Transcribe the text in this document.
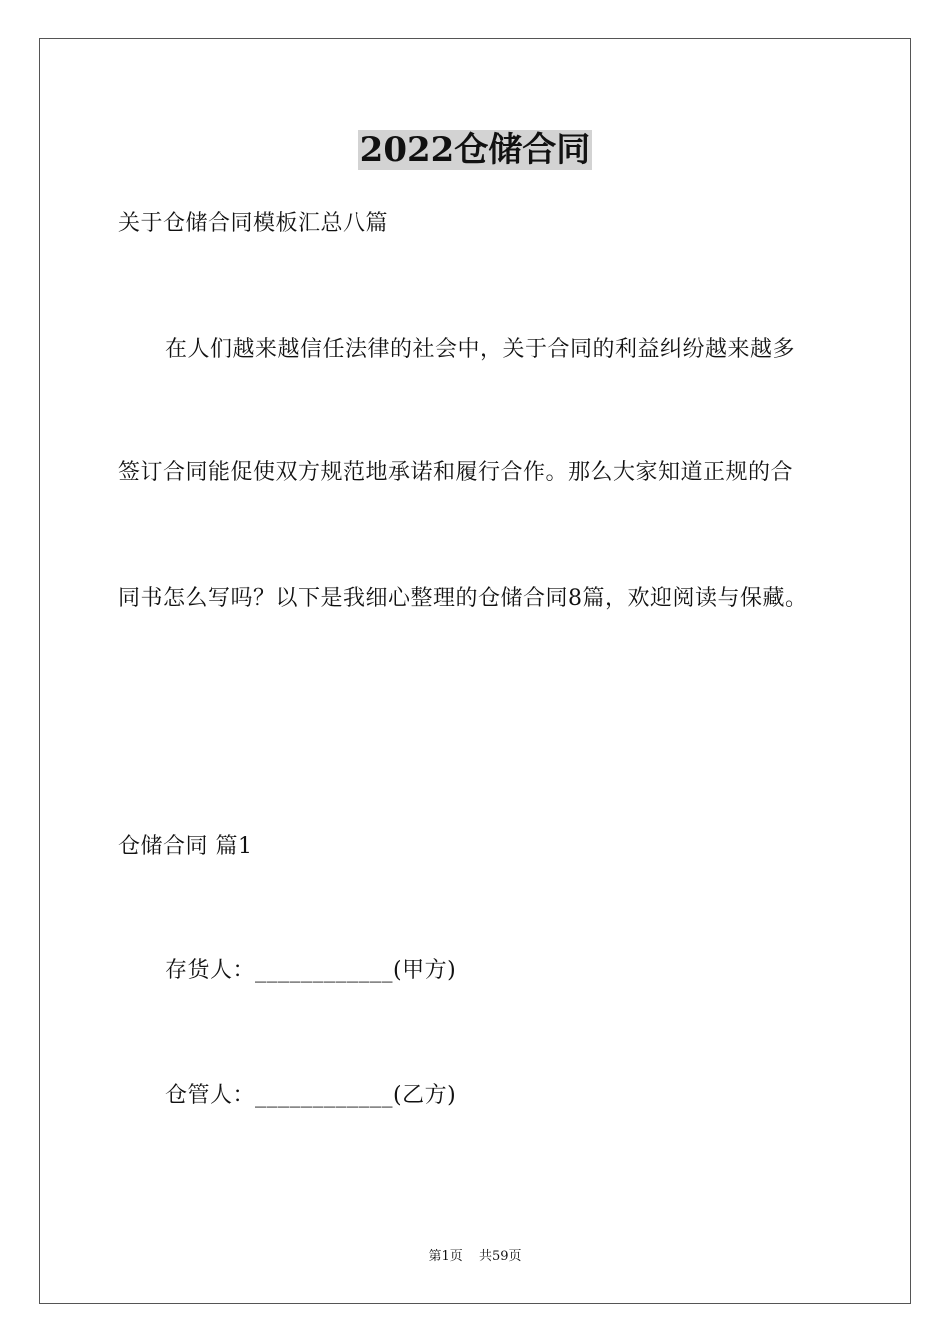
2022仓储合同
关于仓储合同模板汇总八篇
在人们越来越信任法律的社会中，关于合同的利益纠纷越来越多
签订合同能促使双方规范地承诺和履行合作。那么大家知道正规的合
同书怎么写吗？以下是我细心整理的仓储合同8篇，欢迎阅读与保藏。
仓储合同 篇1
存货人：____________(甲方)
仓管人：____________(乙方)
第1页 共59页
